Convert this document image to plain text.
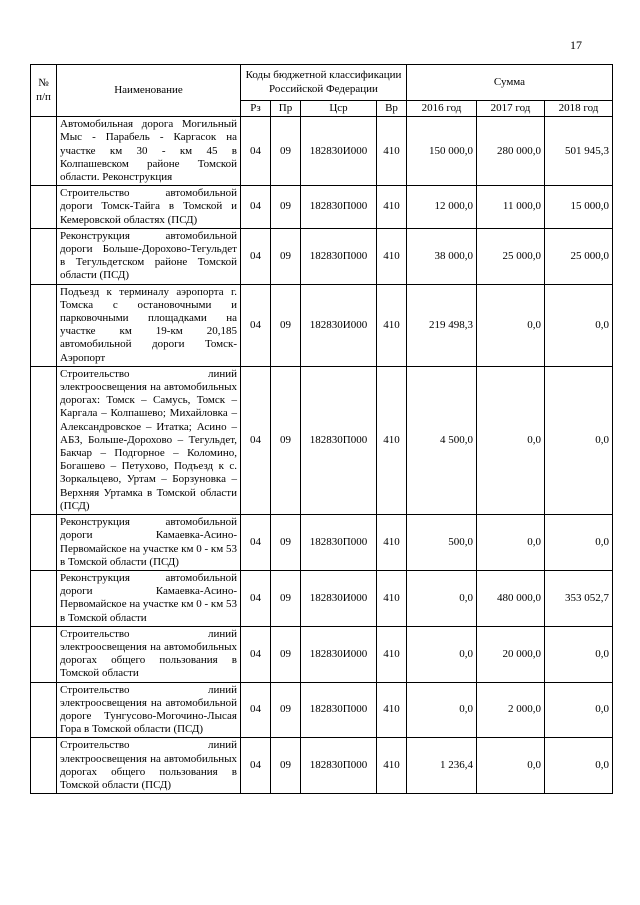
17
№ п/п	Наименование	Коды бюджетной классификации Российской Федерации				Сумма		
		Рз	Пр	Цср	Вр	2016 год	2017 год	2018 год
	Автомобильная дорога Могильный Мыс - Парабель - Каргасок на участке км 30 - км 45 в Колпашевском районе Томской области. Реконструкция	04	09	182830И000	410	150 000,0	280 000,0	501 945,3
	Строительство автомобильной дороги Томск-Тайга в Томской и Кемеровской областях (ПСД)	04	09	182830П000	410	12 000,0	11 000,0	15 000,0
	Реконструкция автомобильной дороги Больше-Дорохово-Тегульдет в Тегульдетском районе Томской области (ПСД)	04	09	182830П000	410	38 000,0	25 000,0	25 000,0
	Подъезд к терминалу аэропорта г. Томска с остановочными и парковочными площадками на участке км 19-км 20,185 автомобильной дороги Томск-Аэропорт	04	09	182830И000	410	219 498,3	0,0	0,0
	Строительство линий электроосвещения на автомобильных дорогах: Томск – Самусь, Томск – Каргала – Колпашево; Михайловка – Александровское – Итатка; Асино – АБЗ, Больше-Дорохово – Тегульдет, Бакчар – Подгорное – Коломино, Богашево – Петухово, Подъезд к с. Зоркальцево, Уртам – Борзуновка – Верхняя Уртамка в Томской области (ПСД)	04	09	182830П000	410	4 500,0	0,0	0,0
	Реконструкция автомобильной дороги Камаевка-Асино-Первомайское на участке км 0 - км 53 в Томской области (ПСД)	04	09	182830П000	410	500,0	0,0	0,0
	Реконструкция автомобильной дороги Камаевка-Асино-Первомайское на участке км 0 - км 53 в Томской области	04	09	182830И000	410	0,0	480 000,0	353 052,7
	Строительство линий электроосвещения на автомобильных дорогах общего пользования в Томской области	04	09	182830И000	410	0,0	20 000,0	0,0
	Строительство линий электроосвещения на автомобильной дороге Тунгусово-Могочино-Лысая Гора в Томской области (ПСД)	04	09	182830П000	410	0,0	2 000,0	0,0
	Строительство линий электроосвещения на автомобильных дорогах общего пользования в Томской области (ПСД)	04	09	182830П000	410	1 236,4	0,0	0,0
